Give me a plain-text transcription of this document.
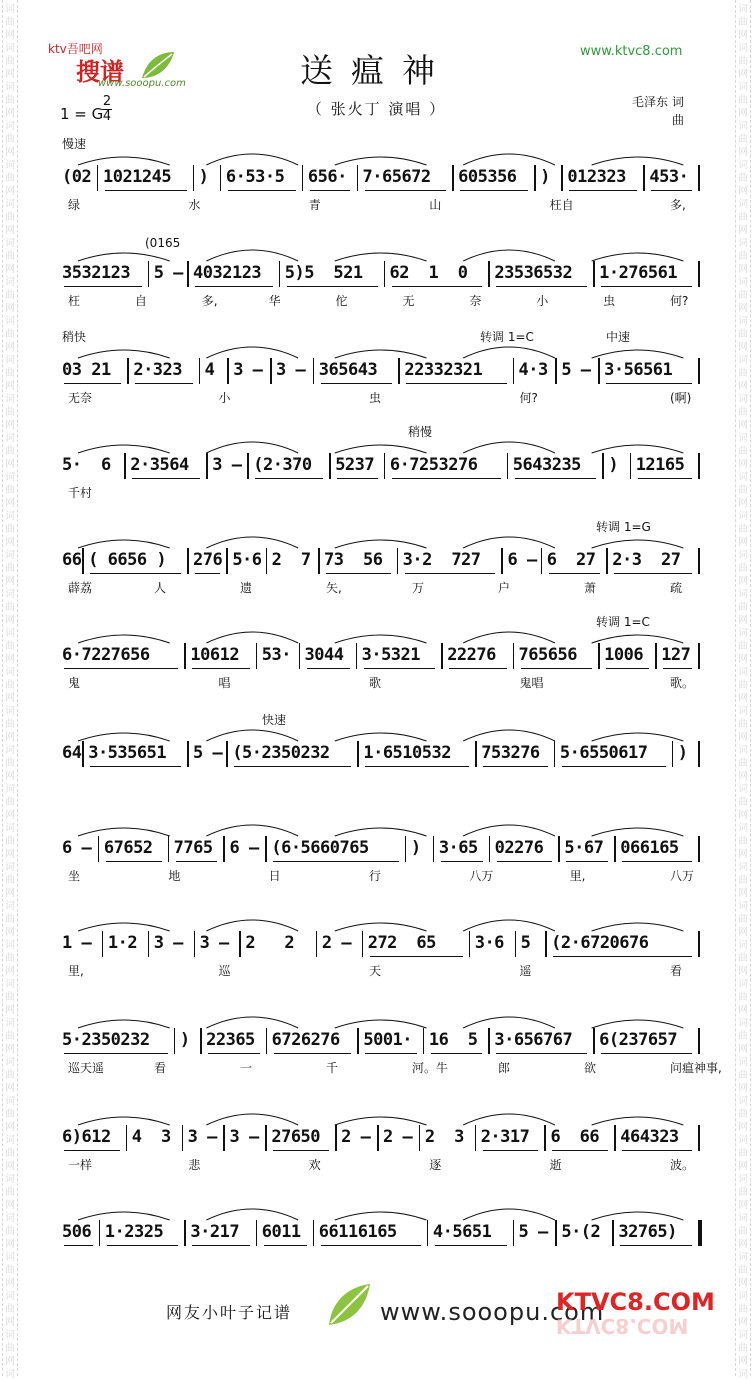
词
曲
网
词
曲
网
词
曲
网
词
曲
网
词
曲
网
词
曲
网
词
曲
网
词
曲
网
词
曲
网
词
曲
网
词
曲
网
词
曲
网
词
曲
网
词
曲
网
词
曲
网
词
曲
网
词
曲
网
词
曲
网
词
曲
网
词
曲
网
词
曲
网
词
曲
网
词
曲
网
词
曲
网
词
曲
网
词
曲
网
词
曲
网
词
曲
网
词
曲
网
词
曲
网
词
曲
网
词
曲
网
词
曲
网
词
曲
网
词
曲
网
词
词
曲
网
词
曲
网
词
曲
网
词
曲
网
词
曲
网
词
曲
网
词
曲
网
词
曲
网
词
曲
网
词
曲
网
词
曲
网
词
曲
网
词
曲
网
词
曲
网
词
曲
网
词
曲
网
词
曲
网
词
曲
网
词
曲
网
词
曲
网
词
曲
网
词
曲
网
词
曲
网
词
曲
网
词
曲
网
词
曲
网
词
曲
网
词
曲
网
词
曲
网
词
曲
网
词
曲
网
词
曲
网
词
曲
网
词
曲
网
词
曲
网
词
ktv吾吧网
搜谱
www.sooopu.com
www.ktvc8.com
送瘟神
（ 张火丁 演唱 ）	毛泽东 词
曲
1 = G
2
4
慢速
(02 1021245 ) 6·53·5 656· 7·65672 605356 ) 012323 453·
绿	水	青	山	枉自	多,
(0165
3532123 5 – 4032123 5)5  521 62  1  0 23536532 1·276561
枉	自	多,	华	佗	无	奈	小	虫	何?
稍快	转调 1=C	中速
03 21 2·323 4 3 – 3 – 365643 22332321 4·3 5 – 3·56561
无奈	小	虫	何?	(啊)
稍慢
5·  6 2·3564 3 – (2·370 5237 6·7253276 5643235 ) 12165
千村
转调 1=G
66 ( 6656 ) 276 5·6 2  7 73  56 3·2  727 6 – 6  27 2·3  27
薜荔	人	遗	矢,	万	户	萧	疏
转调 1=C
6·7227656 10612 53· 3044 3·5321 22276 765656 1006 127
鬼	唱	歌	鬼唱	歌。
快速
64 3·535651 5 – (5·2350232 1·6510532 753276 5·6550617 )
6 – 67652 7765 6 – (6·5660765 ) 3·65 02276 5·67 066165
坐	地	日	行	八万	里,	八万
1 – 1·2 3 – 3 – 2   2 2 – 272  65 3·6 5 (2·6720676
里,	巡	天	遥	看
5·2350232 ) 22365 6726276 5001· 16  5 3·656767 6(237657
巡天遥	看	一	千	河。牛	郎	欲	问瘟神事,
6)612 4  3 3 – 3 – 27650 2 – 2 – 2  3 2·317 6  66 464323
一样	悲	欢	逐	逝	波。
506 1·2325 3·217 6011 66116165 4·5651 5 – 5·(2 32765)
网友小叶子记谱	www.sooopu.com
KTVC8.COM
KTVC8.COM
